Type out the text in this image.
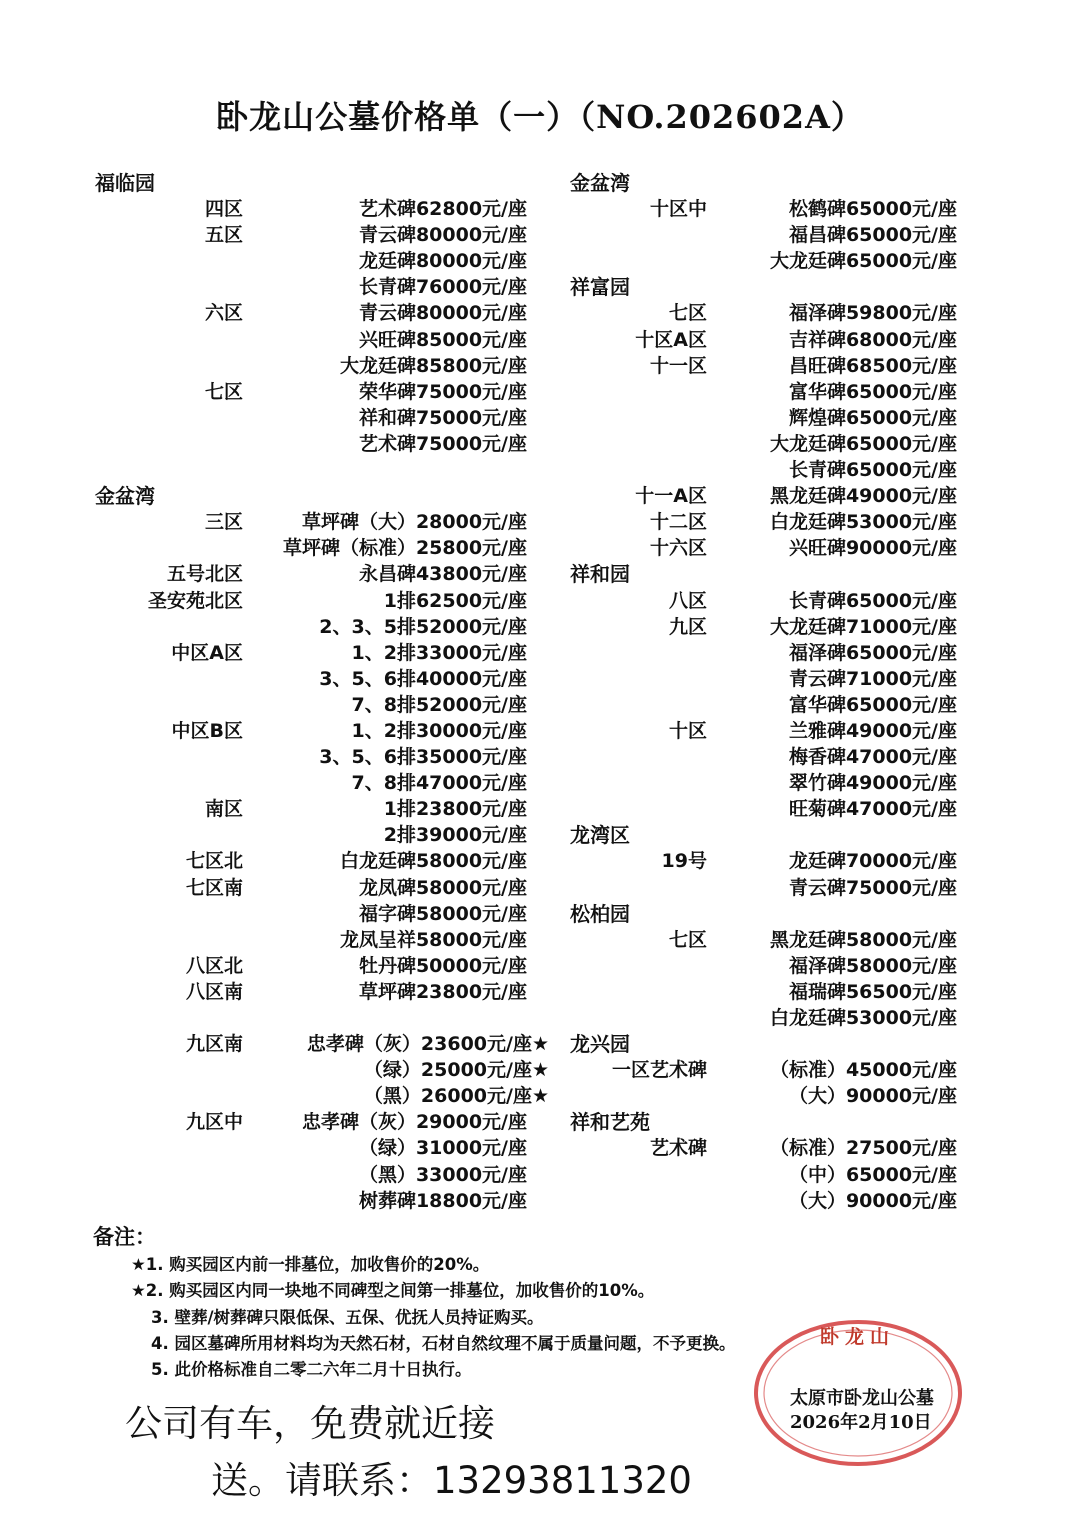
卧龙山公墓价格单（一）（NO.202602A）
福临园
四区	艺术碑62800元/座
五区	青云碑80000元/座
龙廷碑80000元/座
长青碑76000元/座
六区	青云碑80000元/座
兴旺碑85000元/座
大龙廷碑85800元/座
七区	荣华碑75000元/座
祥和碑75000元/座
艺术碑75000元/座
金盆湾
三区	草坪碑（大）28000元/座
草坪碑（标准）25800元/座
五号北区	永昌碑43800元/座
圣安苑北区	1排62500元/座
2、3、5排52000元/座
中区A区	1、2排33000元/座
3、5、6排40000元/座
7、8排52000元/座
中区B区	1、2排30000元/座
3、5、6排35000元/座
7、8排47000元/座
南区	1排23800元/座
2排39000元/座
七区北	白龙廷碑58000元/座
七区南	龙凤碑58000元/座
福字碑58000元/座
龙凤呈祥58000元/座
八区北	牡丹碑50000元/座
八区南	草坪碑23800元/座
九区南	忠孝碑（灰）23600元/座★
（绿）25000元/座★
（黑）26000元/座★
九区中	忠孝碑（灰）29000元/座
（绿）31000元/座
（黑）33000元/座
树葬碑18800元/座
金盆湾
十区中	松鹤碑65000元/座
福昌碑65000元/座
大龙廷碑65000元/座
祥富园
七区	福泽碑59800元/座
十区A区	吉祥碑68000元/座
十一区	昌旺碑68500元/座
富华碑65000元/座
辉煌碑65000元/座
大龙廷碑65000元/座
长青碑65000元/座
十一A区	黑龙廷碑49000元/座
十二区	白龙廷碑53000元/座
十六区	兴旺碑90000元/座
祥和园
八区	长青碑65000元/座
九区	大龙廷碑71000元/座
福泽碑65000元/座
青云碑71000元/座
富华碑65000元/座
十区	兰雅碑49000元/座
梅香碑47000元/座
翠竹碑49000元/座
旺菊碑47000元/座
龙湾区
19号	龙廷碑70000元/座
青云碑75000元/座
松柏园
七区	黑龙廷碑58000元/座
福泽碑58000元/座
福瑞碑56500元/座
白龙廷碑53000元/座
龙兴园
一区艺术碑	（标准）45000元/座
（大）90000元/座
祥和艺苑
艺术碑	（标准）27500元/座
（中）65000元/座
（大）90000元/座
备注：
★1. 购买园区内前一排墓位，加收售价的20%。
★2. 购买园区内同一块地不同碑型之间第一排墓位，加收售价的10%。
3. 壁葬/树葬碑只限低保、五保、优抚人员持证购买。
4. 园区墓碑所用材料均为天然石材，石材自然纹理不属于质量问题，不予更换。
5. 此价格标准自二零二六年二月十日执行。
卧龙山
太原市卧龙山公墓
2026年2月10日
公司有车，免费就近接
送。请联系：13293811320
